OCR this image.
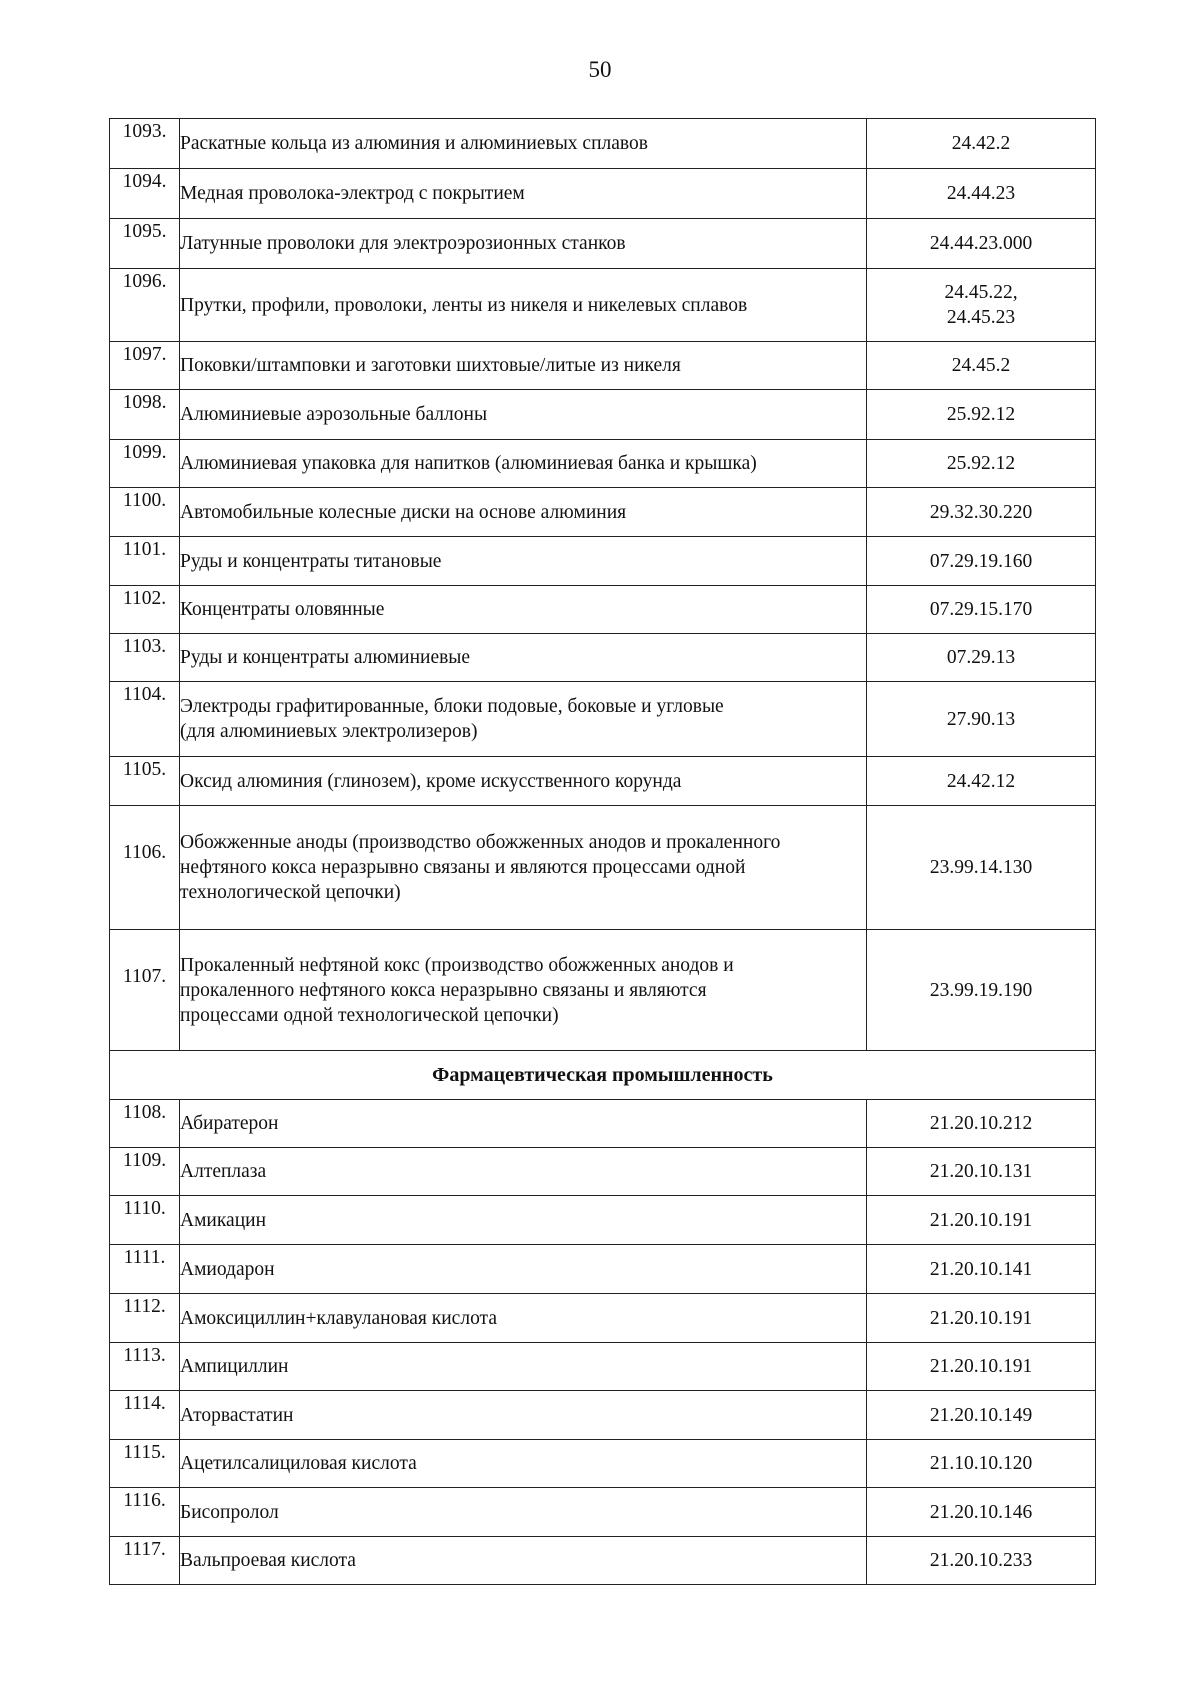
50
1093.	Раскатные кольца из алюминия и алюминиевых сплавов	24.42.2
1094.	Медная проволока-электрод с покрытием	24.44.23
1095.	Латунные проволоки для электроэрозионных станков	24.44.23.000
1096.	Прутки, профили, проволоки, ленты из никеля и никелевых сплавов	24.45.22,
24.45.23

1097.	Поковки/штамповки и заготовки шихтовые/литые из никеля	24.45.2
1098.	Алюминиевые аэрозольные баллоны	25.92.12
1099.	Алюминиевая упаковка для напитков (алюминиевая банка и крышка)	25.92.12
1100.	Автомобильные колесные диски на основе алюминия	29.32.30.220
1101.	Руды и концентраты титановые	07.29.19.160
1102.	Концентраты оловянные	07.29.15.170
1103.	Руды и концентраты алюминиевые	07.29.13
1104.	Электроды графитированные, блоки подовые, боковые и угловые
(для алюминиевых электролизеров)	27.90.13
1105.	Оксид алюминия (глинозем), кроме искусственного корунда	24.42.12
1106.	Обожженные аноды (производство обожженных анодов и прокаленного
нефтяного кокса неразрывно связаны и являются процессами одной
технологической цепочки)	23.99.14.130
1107.	Прокаленный нефтяной кокс (производство обожженных анодов и
прокаленного нефтяного кокса неразрывно связаны и являются
процессами одной технологической цепочки)	23.99.19.190
Фармацевтическая промышленность		
1108.	Абиратерон	21.20.10.212
1109.	Алтеплаза	21.20.10.131
1110.	Амикацин	21.20.10.191
1111.	Амиодарон	21.20.10.141
1112.	Амоксициллин+клавулановая кислота	21.20.10.191
1113.	Ампициллин	21.20.10.191
1114.	Аторвастатин	21.20.10.149
1115.	Ацетилсалициловая кислота	21.10.10.120
1116.	Бисопролол	21.20.10.146
1117.	Вальпроевая кислота	21.20.10.233
